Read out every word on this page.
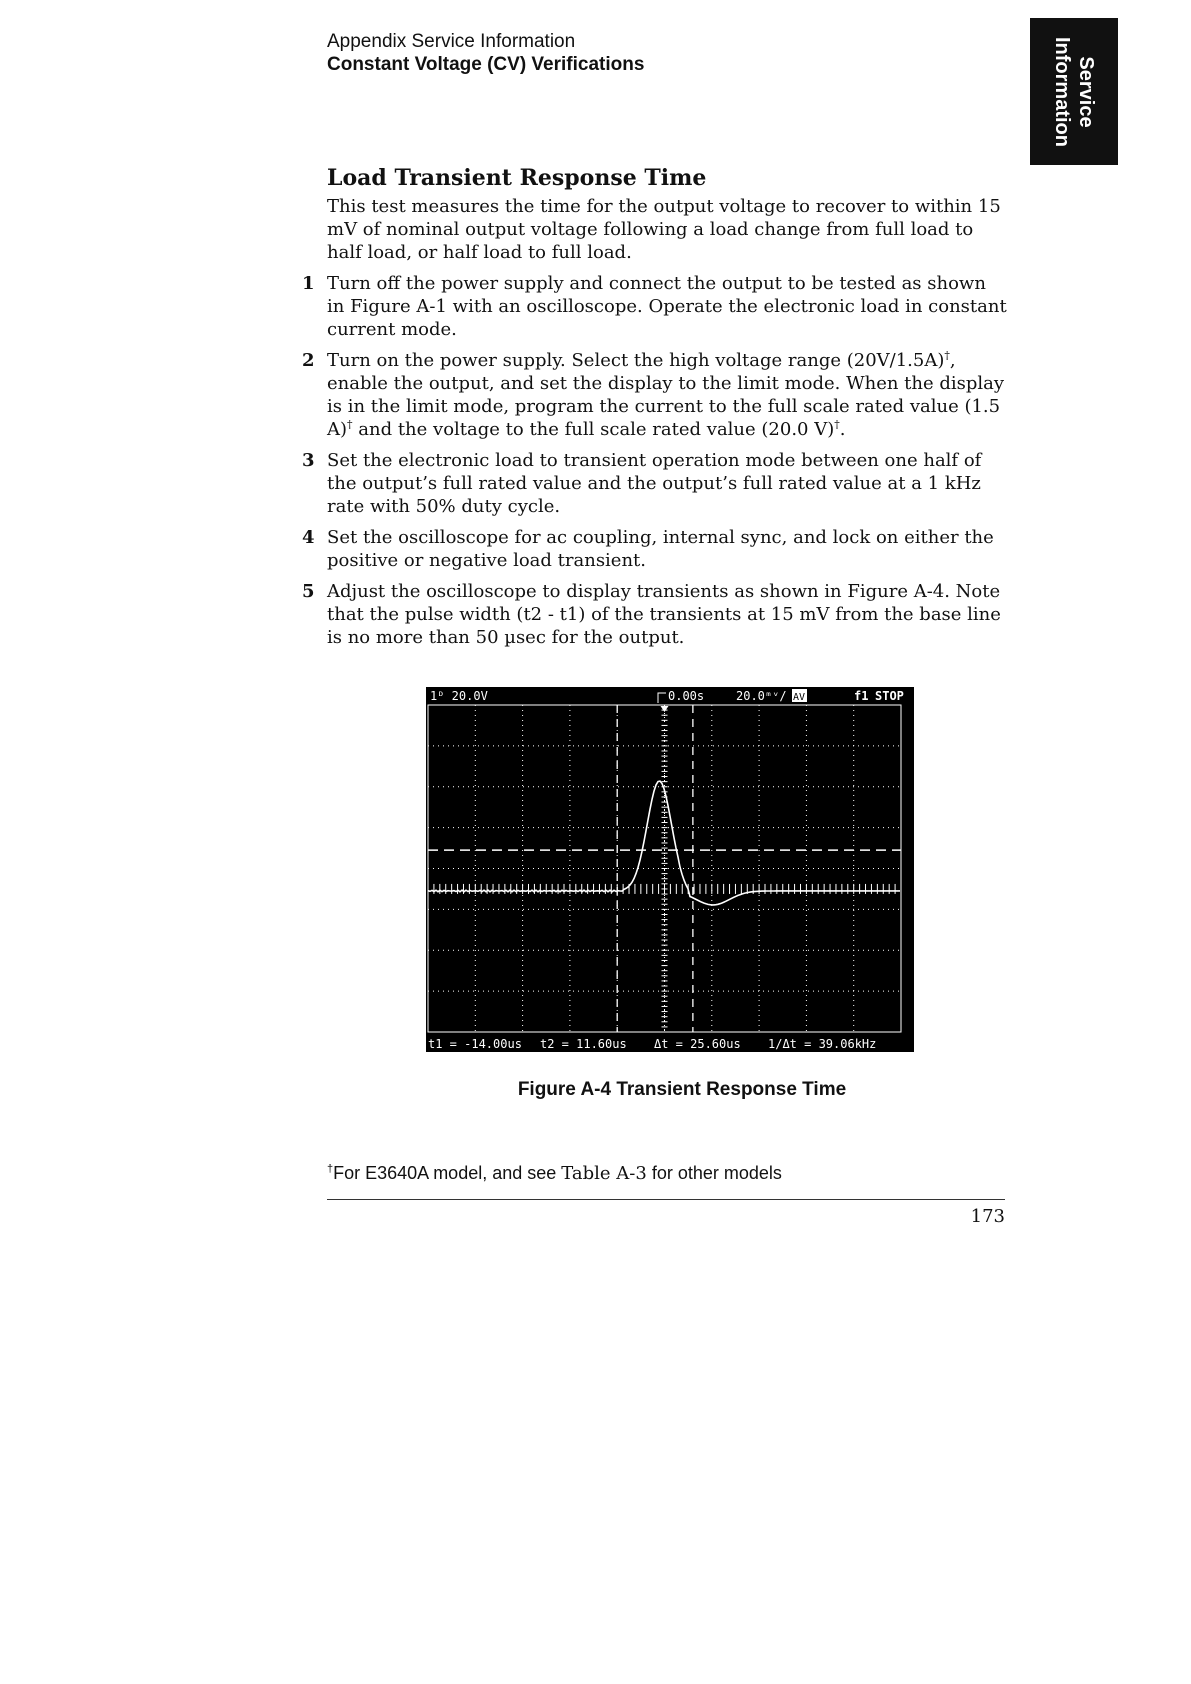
Appendix Service Information
Constant Voltage (CV) Verifications	Service
Information
Load Transient Response Time
This test measures the time for the output voltage to recover to within 15 mV of nominal output voltage following a load change from full load to half load, or half load to full load.
1 Turn off the power supply and connect the output to be tested as shown in Figure A-1 with an oscilloscope. Operate the electronic load in constant current mode.
2 Turn on the power supply. Select the high voltage range (20V/1.5A)†, enable the output, and set the display to the limit mode. When the display is in the limit mode, program the current to the full scale rated value (1.5 A)† and the voltage to the full scale rated value (20.0 V)†.
3 Set the electronic load to transient operation mode between one half of the output’s full rated value and the output’s full rated value at a 1 kHz rate with 50% duty cycle.
4 Set the oscilloscope for ac coupling, internal sync, and lock on either the positive or negative load transient.
5 Adjust the oscilloscope to display transients as shown in Figure A-4. Note that the pulse width (t2 - t1) of the transients at 15 mV from the base line is no more than 50 µsec for the output.
1ᴰ 20.0V	0.00s	20.0ᵐᵛ/ AV	f1 STOP
t1 = -14.00us t2 = 11.60us Δt = 25.60us 1/Δt = 39.06kHz
Figure A-4 Transient Response Time
†For E3640A model, and see Table A-3 for other models
173
